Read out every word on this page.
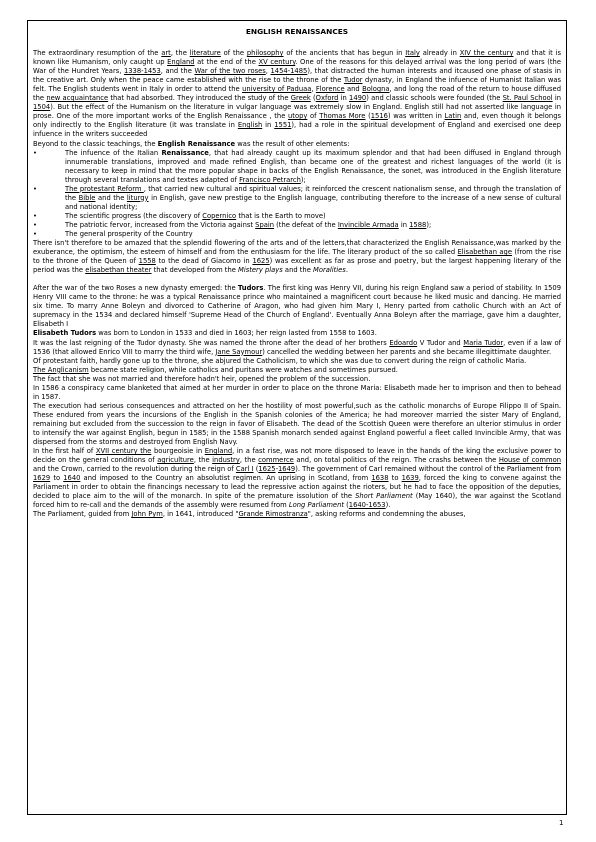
ENGLISH RENAISSANCES

The extraordinary resumption of the art, the literature of the philosophy of the ancients that has begun in Italy already in XIV the century and that it is known like Humanism, only caught up England at the end of the XV century. One of the reasons for this delayed arrival was the long period of wars (the War of the Hundret Years, 1338-1453, and the War of the two roses, 1454-1485), that distracted the human interests and itcaused one phase of stasis in the creative art. Only when the peace came established with the rise to the throne of the Tudor dynasty, in England the infuence of Humanist Italian was felt. The English students went in Italy in order to attend the university of Paduaa, Florence and Bologna, and long the road of the return to house diffused the new acquaintance that had absorbed. They introduced the study of the Greek (Oxford in 1490) and classic schools were founded (the St. Paul School in 1504). But the effect of the Humanism on the literature in vulgar language was extremely slow in England. English still had not asserted like language in prose. One of the more important works of the English Renaissance , the utopy of Thomas More (1516) was written in Latin and, even though it belongs only indirectly to the English literature (it was translate in English in 1551), had a role in the spiritual development of England and exercised one deep infuence in the writers succeeded

Beyond to the classic teachings, the English Renaissance was the result of other elements:

•	The infuence of the Italian Renaissance, that had already caught up its maximum splendor and that had been diffused in England through innumerable translations, improved and made refined English, than became one of the greatest and richest languages of the world (it is necessary to keep in mind that the more popular shape in backs of the English Renaissance, the sonet, was introduced in the English literature through several translations and textes adapted of Francisco Petrarch);
•	The protestant Reform , that carried new cultural and spiritual values; it reinforced the crescent nationalism sense, and through the translation of the Bible and the liturgy in English, gave new prestige to the English language, contributing therefore to the increase of a new sense of cultural and national identity;
•	The scientific progress (the discovery of Copernico that is the Earth to move)
•	The patriotic fervor, increased from the Victoria against Spain (the defeat of the Invincible Armada in 1588);
•	The general prosperity of the Country

There isn't therefore to be amazed that the splendid flowering of the arts and of the letters,that characterized the English Renaissance,was marked by the exuberance, the optimism, the esteem of himself and from the enthusiasm for the life. The literary product of the so called Elisabethan age (from the rise to the throne of the Queen of 1558 to the dead of Giacomo in 1625) was excellent as far as prose and poetry, but the largest happening literary of the period was the elisabethan theater that developed from the Mistery plays and the Moralities.

After the war of the two Roses a new dynasty emerged: the Tudors. The first king was Henry VII, during his reign England saw a period of stability. In 1509 Henry VIII came to the throne: he was a typical Renaissance prince who maintained a magnificent court because he liked music and dancing. He married six time. To marry Anne Boleyn and divorced to Catherine of Aragon, who had given him Mary I, Henry parted from catholic Church with an Act of supremacy in the 1534 and declared himself 'Supreme Head of the Church of England'. Eventually Anna Boleyn after the marriage, gave him a daughter, Elisabeth I

Elisabeth Tudors was born to London in 1533 and died in 1603; her reign lasted from 1558 to 1603.

It was the last reigning of the Tudor dynasty. She was named the throne after the dead of her brothers Edoardo V Tudor and Maria Tudor, even if a law of 1536 (that allowed Enrico VIII to marry the third wife, Jane Saymour) cancelled the wedding between her parents and she became illegittimate daughter.

Of protestant faith, hardly gone up to the throne, she abjured the Catholicism, to which she was due to convert during the reign of catholic Maria.

The Anglicanism became state religion, while catholics and puritans were watches and sometimes pursued.

The fact that she was not married and therefore hadn't heir, opened the problem of the succession.

In 1586 a conspiracy came blanketed that aimed at her murder in order to place on the throne Maria: Elisabeth made her to imprison and then to behead in 1587.

The execution had serious consequences and attracted on her the hostility of most powerful,such as the catholic monarchs of Europe Filippo II of Spain. These endured from years the incursions of the English in the Spanish colonies of the America; he had moreover married the sister Mary of England, remaining but excluded from the succession to the reign in favor of Elisabeth. The dead of the Scottish Queen were therefore an ulterior stimulus in order to intensify the war against English, begun in 1585; in the 1588 Spanish monarch sended against England powerful a fleet called Invincible Army, that was dispersed from the storms and destroyed from English Navy.

In the first half of XVII century the bourgeoisie in England, in a fast rise, was not more disposed to leave in the hands of the king the exclusive power to decide on the general conditions of agriculture, the industry, the commerce and, on total politics of the reign. The crashs between the House of common and the Crown, carried to the revolution during the reign of Carl I (1625-1649). The government of Carl remained without the control of the Parliament from 1629 to 1640 and imposed to the Country an absolutist regimen. An uprising in Scotland, from 1638 to 1639, forced the king to convene against the Parliament in order to obtain the financings necessary to lead the repressive action against the rioters, but he had to face the opposition of the deputies, decided to place aim to the will of the monarch. In spite of the premature issolution of the Short Parliament (May 1640), the war against the Scotland forced him to re-call and the demands of the assembly were resumed from Long Parliament (1640-1653).

The Parliament, guided from John Pym, in 1641, introduced "Grande Rimostranza", asking reforms and condemning the abuses,

1
